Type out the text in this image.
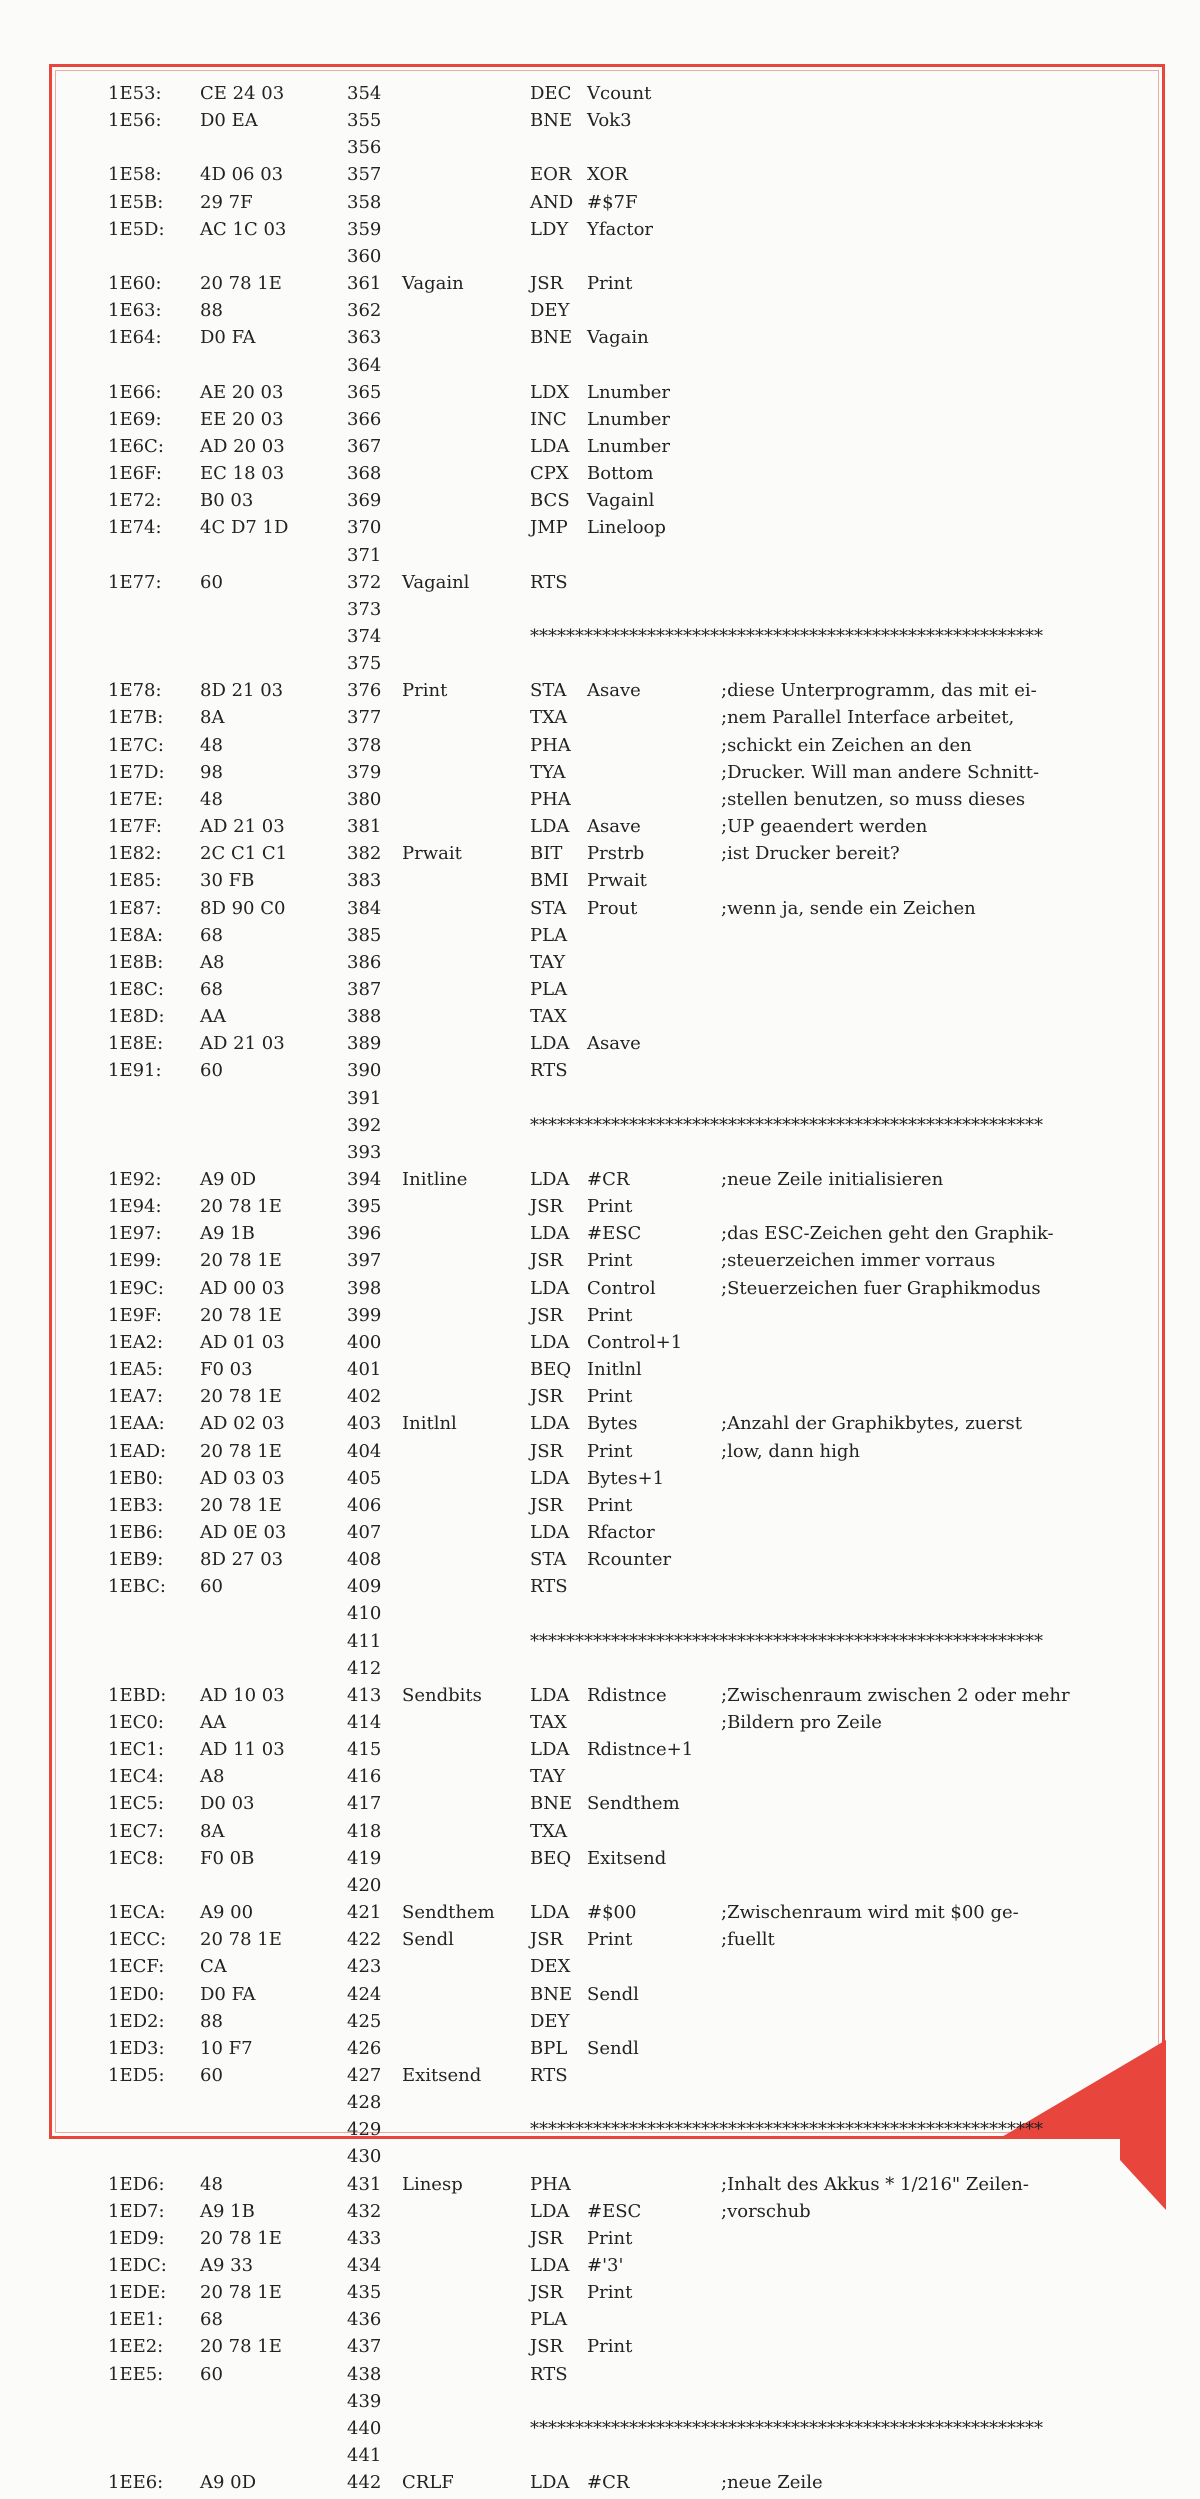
1E53: CE 24 03	354	DEC Vcount
1E56: D0 EA	355	BNE Vok3
356
1E58: 4D 06 03	357	EOR XOR
1E5B: 29 7F	358	AND #$7F
1E5D: AC 1C 03	359	LDY Yfactor
360
1E60: 20 78 1E	361 Vagain	JSR Print
1E63: 88	362	DEY
1E64: D0 FA	363	BNE Vagain
364
1E66: AE 20 03	365	LDX Lnumber
1E69: EE 20 03	366	INC Lnumber
1E6C: AD 20 03	367	LDA Lnumber
1E6F: EC 18 03	368	CPX Bottom
1E72: B0 03	369	BCS Vagainl
1E74: 4C D7 1D	370	JMP Lineloop
371
1E77: 60	372 Vagainl	RTS
373
374	*********************************************************
375
1E78: 8D 21 03	376 Print	STA Asave	;diese Unterprogramm, das mit ei-
1E7B: 8A	377	TXA	;nem Parallel Interface arbeitet,
1E7C: 48	378	PHA	;schickt ein Zeichen an den
1E7D: 98	379	TYA	;Drucker. Will man andere Schnitt-
1E7E: 48	380	PHA	;stellen benutzen, so muss dieses
1E7F: AD 21 03	381	LDA Asave	;UP geaendert werden
1E82: 2C C1 C1	382 Prwait	BIT Prstrb	;ist Drucker bereit?
1E85: 30 FB	383	BMI Prwait
1E87: 8D 90 C0	384	STA Prout	;wenn ja, sende ein Zeichen
1E8A: 68	385	PLA
1E8B: A8	386	TAY
1E8C: 68	387	PLA
1E8D: AA	388	TAX
1E8E: AD 21 03	389	LDA Asave
1E91: 60	390	RTS
391
392	*********************************************************
393
1E92: A9 0D	394 Initline	LDA #CR	;neue Zeile initialisieren
1E94: 20 78 1E	395	JSR Print
1E97: A9 1B	396	LDA #ESC	;das ESC-Zeichen geht den Graphik-
1E99: 20 78 1E	397	JSR Print	;steuerzeichen immer vorraus
1E9C: AD 00 03	398	LDA Control	;Steuerzeichen fuer Graphikmodus
1E9F: 20 78 1E	399	JSR Print
1EA2: AD 01 03	400	LDA Control+1
1EA5: F0 03	401	BEQ Initlnl
1EA7: 20 78 1E	402	JSR Print
1EAA: AD 02 03	403 Initlnl	LDA Bytes	;Anzahl der Graphikbytes, zuerst
1EAD: 20 78 1E	404	JSR Print	;low, dann high
1EB0: AD 03 03	405	LDA Bytes+1
1EB3: 20 78 1E	406	JSR Print
1EB6: AD 0E 03	407	LDA Rfactor
1EB9: 8D 27 03	408	STA Rcounter
1EBC: 60	409	RTS
410
411	*********************************************************
412
1EBD: AD 10 03	413 Sendbits	LDA Rdistnce	;Zwischenraum zwischen 2 oder mehr
1EC0: AA	414	TAX	;Bildern pro Zeile
1EC1: AD 11 03	415	LDA Rdistnce+1
1EC4: A8	416	TAY
1EC5: D0 03	417	BNE Sendthem
1EC7: 8A	418	TXA
1EC8: F0 0B	419	BEQ Exitsend
420
1ECA: A9 00	421 Sendthem LDA #$00	;Zwischenraum wird mit $00 ge-
1ECC: 20 78 1E	422 Sendl	JSR Print	;fuellt
1ECF: CA	423	DEX
1ED0: D0 FA	424	BNE Sendl
1ED2: 88	425	DEY
1ED3: 10 F7	426	BPL Sendl
1ED5: 60	427 Exitsend	RTS
428
429	*********************************************************
430
1ED6: 48	431 Linesp	PHA	;Inhalt des Akkus * 1/216" Zeilen-
1ED7: A9 1B	432	LDA #ESC	;vorschub
1ED9: 20 78 1E	433	JSR Print
1EDC: A9 33	434	LDA #'3'
1EDE: 20 78 1E	435	JSR Print
1EE1: 68	436	PLA
1EE2: 20 78 1E	437	JSR Print
1EE5: 60	438	RTS
439
440	*********************************************************
441
1EE6: A9 0D	442 CRLF	LDA #CR	;neue Zeile
